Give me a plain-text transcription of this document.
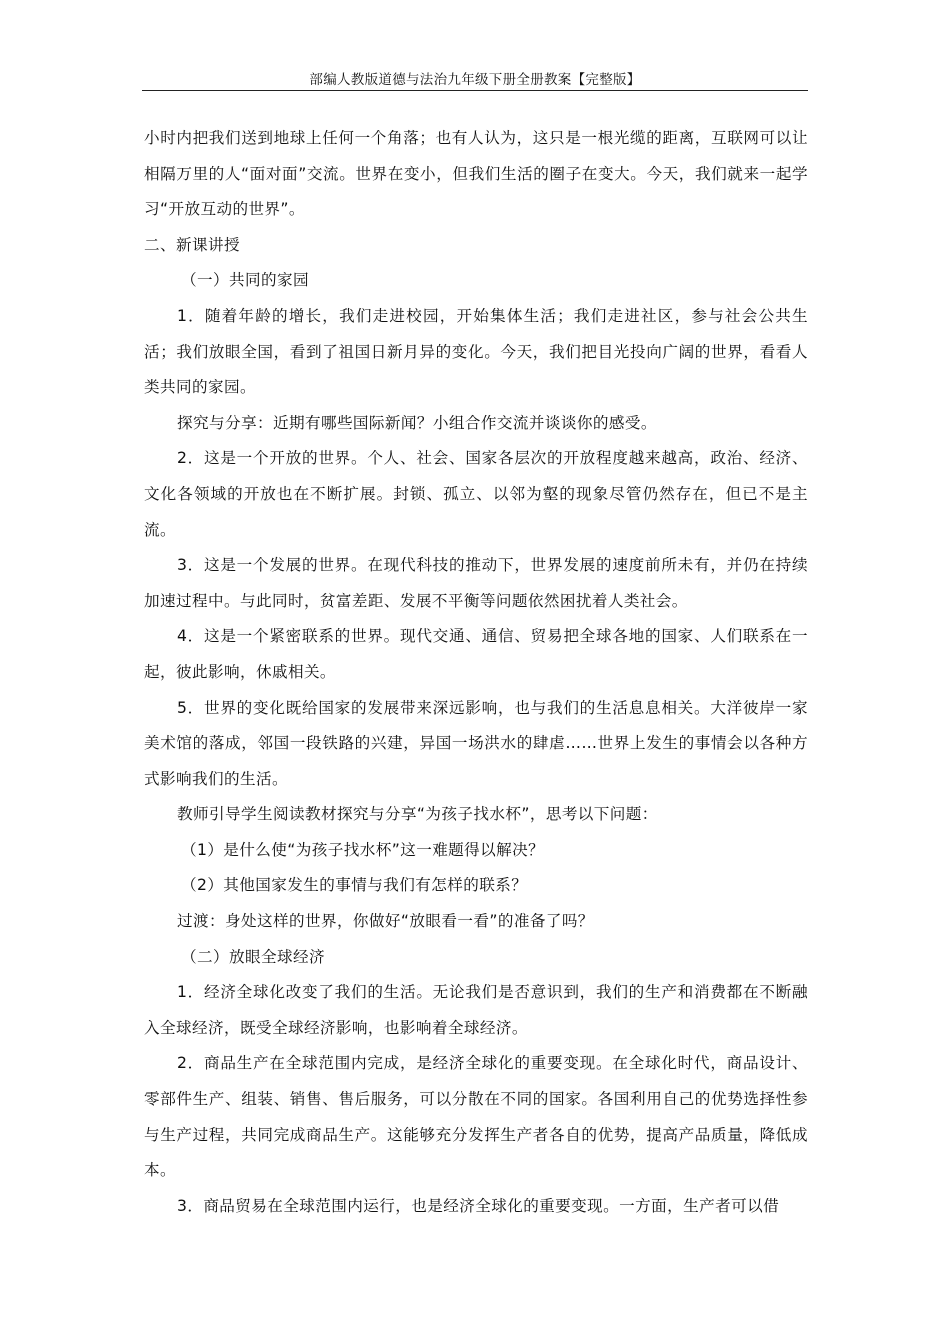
部编人教版道德与法治九年级下册全册教案【完整版】

小时内把我们送到地球上任何一个角落；也有人认为，这只是一根光缆的距离，互联网可以让相隔万里的人“面对面”交流。世界在变小，但我们生活的圈子在变大。今天，我们就来一起学习“开放互动的世界”。

二、新课讲授

（一）共同的家园

1．随着年龄的增长，我们走进校园，开始集体生活；我们走进社区，参与社会公共生活；我们放眼全国，看到了祖国日新月异的变化。今天，我们把目光投向广阔的世界，看看人类共同的家园。

探究与分享：近期有哪些国际新闻？小组合作交流并谈谈你的感受。

2．这是一个开放的世界。个人、社会、国家各层次的开放程度越来越高，政治、经济、文化各领域的开放也在不断扩展。封锁、孤立、以邻为壑的现象尽管仍然存在，但已不是主流。

3．这是一个发展的世界。在现代科技的推动下，世界发展的速度前所未有，并仍在持续加速过程中。与此同时，贫富差距、发展不平衡等问题依然困扰着人类社会。

4．这是一个紧密联系的世界。现代交通、通信、贸易把全球各地的国家、人们联系在一起，彼此影响，休戚相关。

5．世界的变化既给国家的发展带来深远影响，也与我们的生活息息相关。大洋彼岸一家美术馆的落成，邻国一段铁路的兴建，异国一场洪水的肆虐……世界上发生的事情会以各种方式影响我们的生活。

教师引导学生阅读教材探究与分享“为孩子找水杯”，思考以下问题：

（1）是什么使“为孩子找水杯”这一难题得以解决？

（2）其他国家发生的事情与我们有怎样的联系？

过渡：身处这样的世界，你做好“放眼看一看”的准备了吗？

（二）放眼全球经济

1．经济全球化改变了我们的生活。无论我们是否意识到，我们的生产和消费都在不断融入全球经济，既受全球经济影响，也影响着全球经济。

2．商品生产在全球范围内完成，是经济全球化的重要变现。在全球化时代，商品设计、零部件生产、组装、销售、售后服务，可以分散在不同的国家。各国利用自己的优势选择性参与生产过程，共同完成商品生产。这能够充分发挥生产者各自的优势，提高产品质量，降低成本。

3．商品贸易在全球范围内运行，也是经济全球化的重要变现。一方面，生产者可以借
